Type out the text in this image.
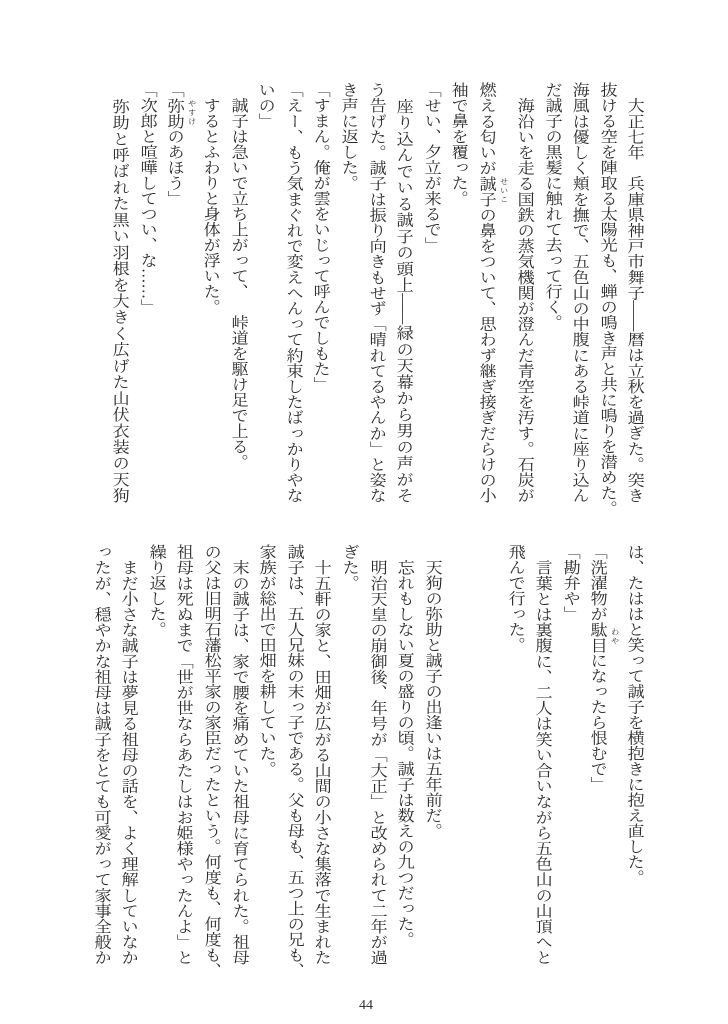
　大正七年　兵庫県神戸市舞子――暦は立秋を過ぎた。突き
抜ける空を陣取る太陽光も、蝉の鳴き声と共に鳴りを潜めた。
海風は優しく頬を撫で、五色山の中腹にある峠道に座り込ん
だ誠子の黒髪に触れて去って行く。
　海沿いを走る国鉄の蒸気機関が澄んだ青空を汚す。石炭が
燃える匂いが誠子 せいこ
の鼻をついて、思わず継ぎ接ぎだらけの小
袖で鼻を覆った。
「せい、夕立が来るで」
　座り込んでいる誠子の頭上――緑の天幕から男の声がそ
う告げた。誠子は振り向きもせず「晴れてるやんか」と姿な
き声に返した。
「すまん。俺が雲をいじって呼んでしもた」
「えー、もう気まぐれで変えへんって約束したばっかりやな
いの」
　誠子は急いで立ち上がって、　峠道を駆け足で上る。
　するとふわりと身体が浮いた。
「弥助 やすけ
のあほう」
「次郎と喧嘩してつい、な……」
　弥助と呼ばれた黒い羽根を大きく広げた山伏衣装の天狗
は、たははと笑って誠子を横抱きに抱え直した。
「洗濯物が駄目 わや
になったら恨むで」
「勘弁や」
　言葉とは裏腹に、二人は笑い合いながら五色山の山頂へと
飛んで行った。
　天狗の弥助と誠子の出逢いは五年前だ。
　忘れもしない夏の盛りの頃。誠子は数えの九つだった。
　明治天皇の崩御後、年号が「大正」と改められて二年が過
ぎた。
　十五軒の家と、田畑が広がる山間の小さな集落で生まれた
誠子は、五人兄妹の末っ子である。父も母も、五つ上の兄も、
家族が総出で田畑を耕していた。
　末の誠子は、家で腰を痛めていた祖母に育てられた。祖母
の父は旧明石藩松平家の家臣だったという。何度も、何度も、
祖母は死ぬまで「世が世ならあたしはお姫様やったんよ」と
繰り返した。
　まだ小さな誠子は夢見る祖母の話を、よく理解していなか
ったが、穏やかな祖母は誠子をとても可愛がって家事全般か
44
